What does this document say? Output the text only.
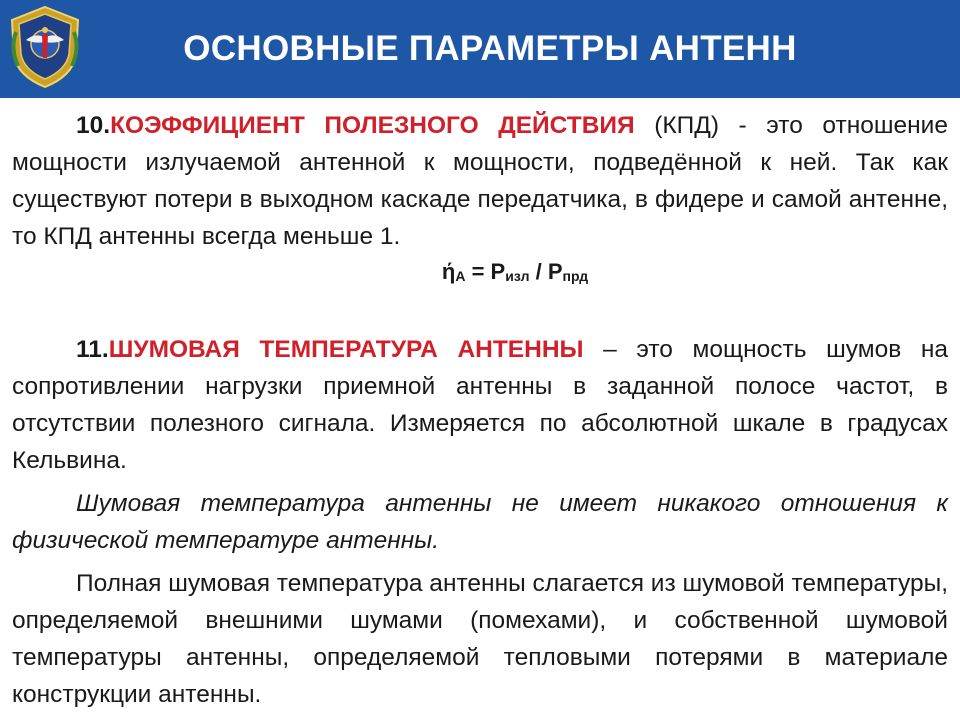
ОСНОВНЫЕ ПАРАМЕТРЫ АНТЕНН

10.КОЭФФИЦИЕНТ ПОЛЕЗНОГО ДЕЙСТВИЯ (КПД) - это отношение мощности излучаемой антенной к мощности, подведённой к ней. Так как существуют потери в выходном каскаде передатчика, в фидере и самой антенне, то КПД антенны всегда меньше 1.

ήА = Ризл / Рпрд

11.ШУМОВАЯ ТЕМПЕРАТУРА АНТЕННЫ – это мощность шумов на сопротивлении нагрузки приемной антенны в заданной полосе частот, в отсутствии полезного сигнала. Измеряется по абсолютной шкале в градусах Кельвина.

Шумовая температура антенны не имеет никакого отношения к физической температуре антенны.

Полная шумовая температура антенны слагается из шумовой температуры, определяемой внешними шумами (помехами), и собственной шумовой температуры антенны, определяемой тепловыми потерями в материале конструкции антенны.
